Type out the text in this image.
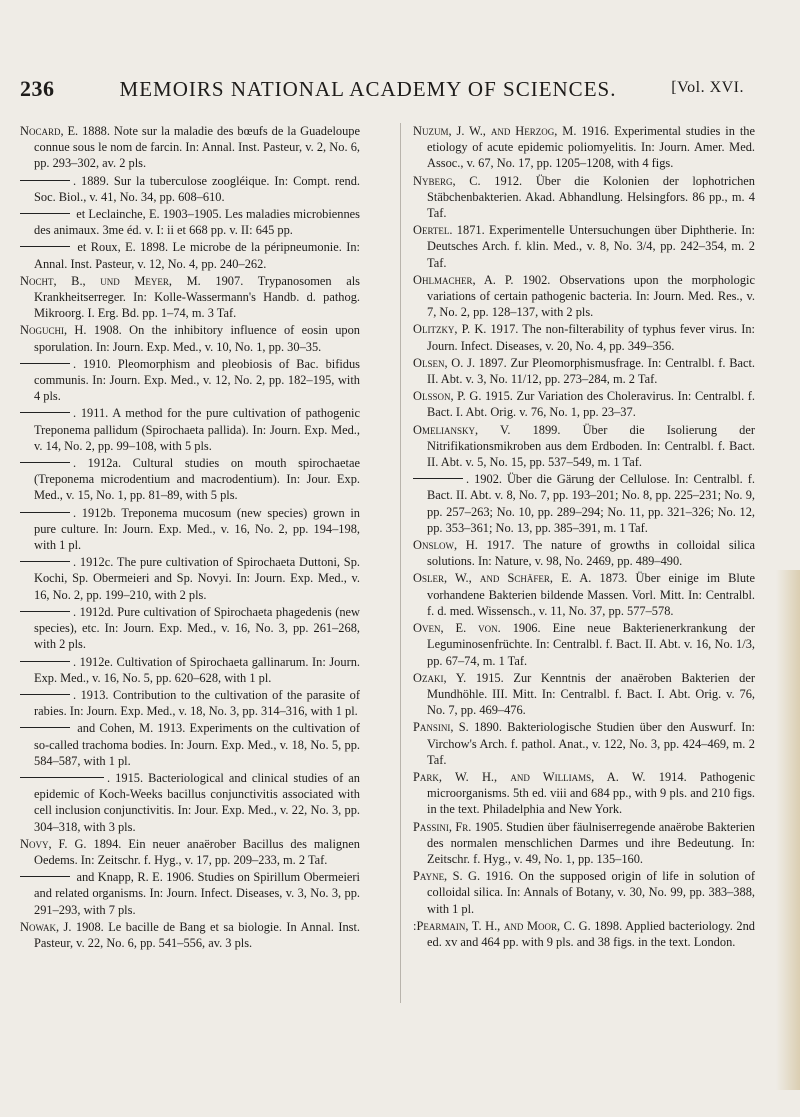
236	MEMOIRS NATIONAL ACADEMY OF SCIENCES.	[Vol. XVI.

Nocard, E. 1888. Note sur la maladie des bœufs de la Guadeloupe connue sous le nom de farcin. In: Annal. Inst. Pasteur, v. 2, No. 6, pp. 293–302, av. 2 pls.

. 1889. Sur la tuberculose zoogléique. In: Compt. rend. Soc. Biol., v. 41, No. 34, pp. 608–610.

et Leclainche, E. 1903–1905. Les maladies microbiennes des animaux. 3me éd. v. I: ii et 668 pp. v. II: 645 pp.

et Roux, E. 1898. Le microbe de la péripneumonie. In: Annal. Inst. Pasteur, v. 12, No. 4, pp. 240–262.

Nocht, B., und Meyer, M. 1907. Trypanosomen als Krankheitserreger. In: Kolle-Wassermann's Handb. d. pathog. Mikroorg. I. Erg. Bd. pp. 1–74, m. 3 Taf.

Noguchi, H. 1908. On the inhibitory influence of eosin upon sporulation. In: Journ. Exp. Med., v. 10, No. 1, pp. 30–35.

. 1910. Pleomorphism and pleobiosis of Bac. bifidus communis. In: Journ. Exp. Med., v. 12, No. 2, pp. 182–195, with 4 pls.

. 1911. A method for the pure cultivation of pathogenic Treponema pallidum (Spirochaeta pallida). In: Journ. Exp. Med., v. 14, No. 2, pp. 99–108, with 5 pls.

. 1912a. Cultural studies on mouth spirochaetae (Treponema microdentium and macrodentium). In: Jour. Exp. Med., v. 15, No. 1, pp. 81–89, with 5 pls.

. 1912b. Treponema mucosum (new species) grown in pure culture. In: Journ. Exp. Med., v. 16, No. 2, pp. 194–198, with 1 pl.

. 1912c. The pure cultivation of Spirochaeta Duttoni, Sp. Kochi, Sp. Obermeieri and Sp. Novyi. In: Journ. Exp. Med., v. 16, No. 2, pp. 199–210, with 2 pls.

. 1912d. Pure cultivation of Spirochaeta phagedenis (new species), etc. In: Journ. Exp. Med., v. 16, No. 3, pp. 261–268, with 2 pls.

. 1912e. Cultivation of Spirochaeta gallinarum. In: Journ. Exp. Med., v. 16, No. 5, pp. 620–628, with 1 pl.

. 1913. Contribution to the cultivation of the parasite of rabies. In: Journ. Exp. Med., v. 18, No. 3, pp. 314–316, with 1 pl.

and Cohen, M. 1913. Experiments on the cultivation of so-called trachoma bodies. In: Journ. Exp. Med., v. 18, No. 5, pp. 584–587, with 1 pl.

. 1915. Bacteriological and clinical studies of an epidemic of Koch-Weeks bacillus conjunctivitis associated with cell inclusion conjunctivitis. In: Jour. Exp. Med., v. 22, No. 3, pp. 304–318, with 3 pls.

Novy, F. G. 1894. Ein neuer anaërober Bacillus des malignen Oedems. In: Zeitschr. f. Hyg., v. 17, pp. 209–233, m. 2 Taf.

and Knapp, R. E. 1906. Studies on Spirillum Obermeieri and related organisms. In: Journ. Infect. Diseases, v. 3, No. 3, pp. 291–293, with 7 pls.

Nowak, J. 1908. Le bacille de Bang et sa biologie. In Annal. Inst. Pasteur, v. 22, No. 6, pp. 541–556, av. 3 pls.

Nuzum, J. W., and Herzog, M. 1916. Experimental studies in the etiology of acute epidemic poliomyelitis. In: Journ. Amer. Med. Assoc., v. 67, No. 17, pp. 1205–1208, with 4 figs.

Nyberg, C. 1912. Über die Kolonien der lophotrichen Stäbchenbakterien. Akad. Abhandlung. Helsingfors. 86 pp., m. 4 Taf.

Oertel. 1871. Experimentelle Untersuchungen über Diphtherie. In: Deutsches Arch. f. klin. Med., v. 8, No. 3/4, pp. 242–354, m. 2 Taf.

Ohlmacher, A. P. 1902. Observations upon the morphologic variations of certain pathogenic bacteria. In: Journ. Med. Res., v. 7, No. 2, pp. 128–137, with 2 pls.

Olitzky, P. K. 1917. The non-filterability of typhus fever virus. In: Journ. Infect. Diseases, v. 20, No. 4, pp. 349–356.

Olsen, O. J. 1897. Zur Pleomorphismusfrage. In: Centralbl. f. Bact. II. Abt. v. 3, No. 11/12, pp. 273–284, m. 2 Taf.

Olsson, P. G. 1915. Zur Variation des Choleravirus. In: Centralbl. f. Bact. I. Abt. Orig. v. 76, No. 1, pp. 23–37.

Omeliansky, V. 1899. Über die Isolierung der Nitrifikationsmikroben aus dem Erdboden. In: Centralbl. f. Bact. II. Abt. v. 5, No. 15, pp. 537–549, m. 1 Taf.

. 1902. Über die Gärung der Cellulose. In: Centralbl. f. Bact. II. Abt. v. 8, No. 7, pp. 193–201; No. 8, pp. 225–231; No. 9, pp. 257–263; No. 10, pp. 289–294; No. 11, pp. 321–326; No. 12, pp. 353–361; No. 13, pp. 385–391, m. 1 Taf.

Onslow, H. 1917. The nature of growths in colloidal silica solutions. In: Nature, v. 98, No. 2469, pp. 489–490.

Osler, W., and Schäfer, E. A. 1873. Über einige im Blute vorhandene Bakterien bildende Massen. Vorl. Mitt. In: Centralbl. f. d. med. Wissensch., v. 11, No. 37, pp. 577–578.

Oven, E. von. 1906. Eine neue Bakterienerkrankung der Leguminosenfrüchte. In: Centralbl. f. Bact. II. Abt. v. 16, No. 1/3, pp. 67–74, m. 1 Taf.

Ozaki, Y. 1915. Zur Kenntnis der anaëroben Bakterien der Mundhöhle. III. Mitt. In: Centralbl. f. Bact. I. Abt. Orig. v. 76, No. 7, pp. 469–476.

Pansini, S. 1890. Bakteriologische Studien über den Auswurf. In: Virchow's Arch. f. pathol. Anat., v. 122, No. 3, pp. 424–469, m. 2 Taf.

Park, W. H., and Williams, A. W. 1914. Pathogenic microorganisms. 5th ed. viii and 684 pp., with 9 pls. and 210 figs. in the text. Philadelphia and New York.

Passini, Fr. 1905. Studien über fäulniserregende anaërobe Bakterien des normalen menschlichen Darmes und ihre Bedeutung. In: Zeitschr. f. Hyg., v. 49, No. 1, pp. 135–160.

Payne, S. G. 1916. On the supposed origin of life in solution of colloidal silica. In: Annals of Botany, v. 30, No. 99, pp. 383–388, with 1 pl.

:Pearmain, T. H., and Moor, C. G. 1898. Applied bacteriology. 2nd ed. xv and 464 pp. with 9 pls. and 38 figs. in the text. London.
